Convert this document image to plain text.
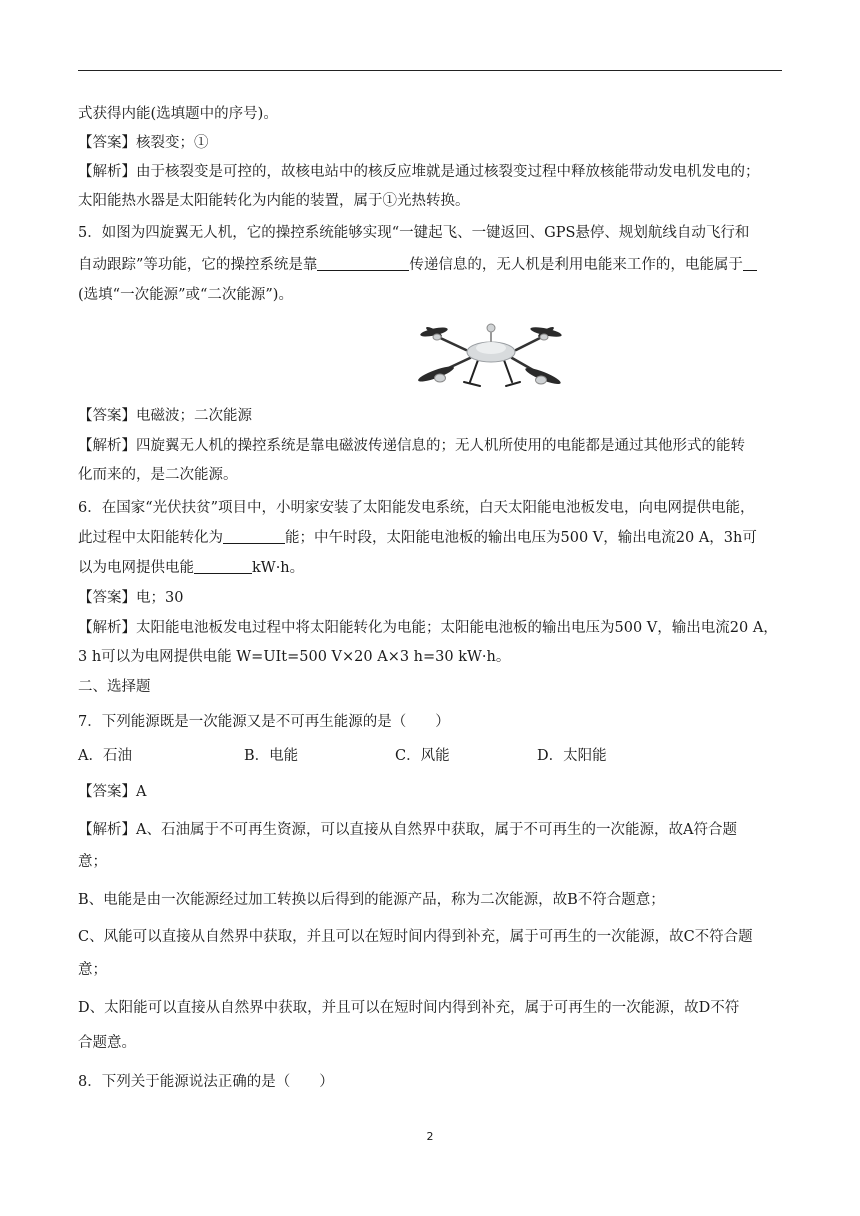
式获得内能(选填题中的序号)。
【答案】核裂变；①
【解析】由于核裂变是可控的，故核电站中的核反应堆就是通过核裂变过程中释放核能带动发电机发电的；
太阳能热水器是太阳能转化为内能的装置，属于①光热转换。
5．如图为四旋翼无人机，它的操控系统能够实现“一键起飞、一键返回、GPS悬停、规划航线自动飞行和
自动跟踪”等功能，它的操控系统是靠	传递信息的，无人机是利用电能来工作的，电能属于
(选填“一次能源”或“二次能源”)。
【答案】电磁波；二次能源
【解析】四旋翼无人机的操控系统是靠电磁波传递信息的；无人机所使用的电能都是通过其他形式的能转
化而来的，是二次能源。
6．在国家“光伏扶贫”项目中，小明家安装了太阳能发电系统，白天太阳能电池板发电，向电网提供电能，
此过程中太阳能转化为	能；中午时段，太阳能电池板的输出电压为500 V，输出电流20 A，3h可
以为电网提供电能	kW·h。
【答案】电；30
【解析】太阳能电池板发电过程中将太阳能转化为电能；太阳能电池板的输出电压为500 V，输出电流20 A，
3 h可以为电网提供电能 W=UIt=500 V×20 A×3 h=30 kW·h。
二、选择题
7．下列能源既是一次能源又是不可再生能源的是（　　）
A．石油	B．电能	C．风能	D．太阳能
【答案】A
【解析】A、石油属于不可再生资源，可以直接从自然界中获取，属于不可再生的一次能源，故A符合题
意；
B、电能是由一次能源经过加工转换以后得到的能源产品，称为二次能源，故B不符合题意；
C、风能可以直接从自然界中获取，并且可以在短时间内得到补充，属于可再生的一次能源，故C不符合题
意；
D、太阳能可以直接从自然界中获取，并且可以在短时间内得到补充，属于可再生的一次能源，故D不符
合题意。
8．下列关于能源说法正确的是（　　）
2
